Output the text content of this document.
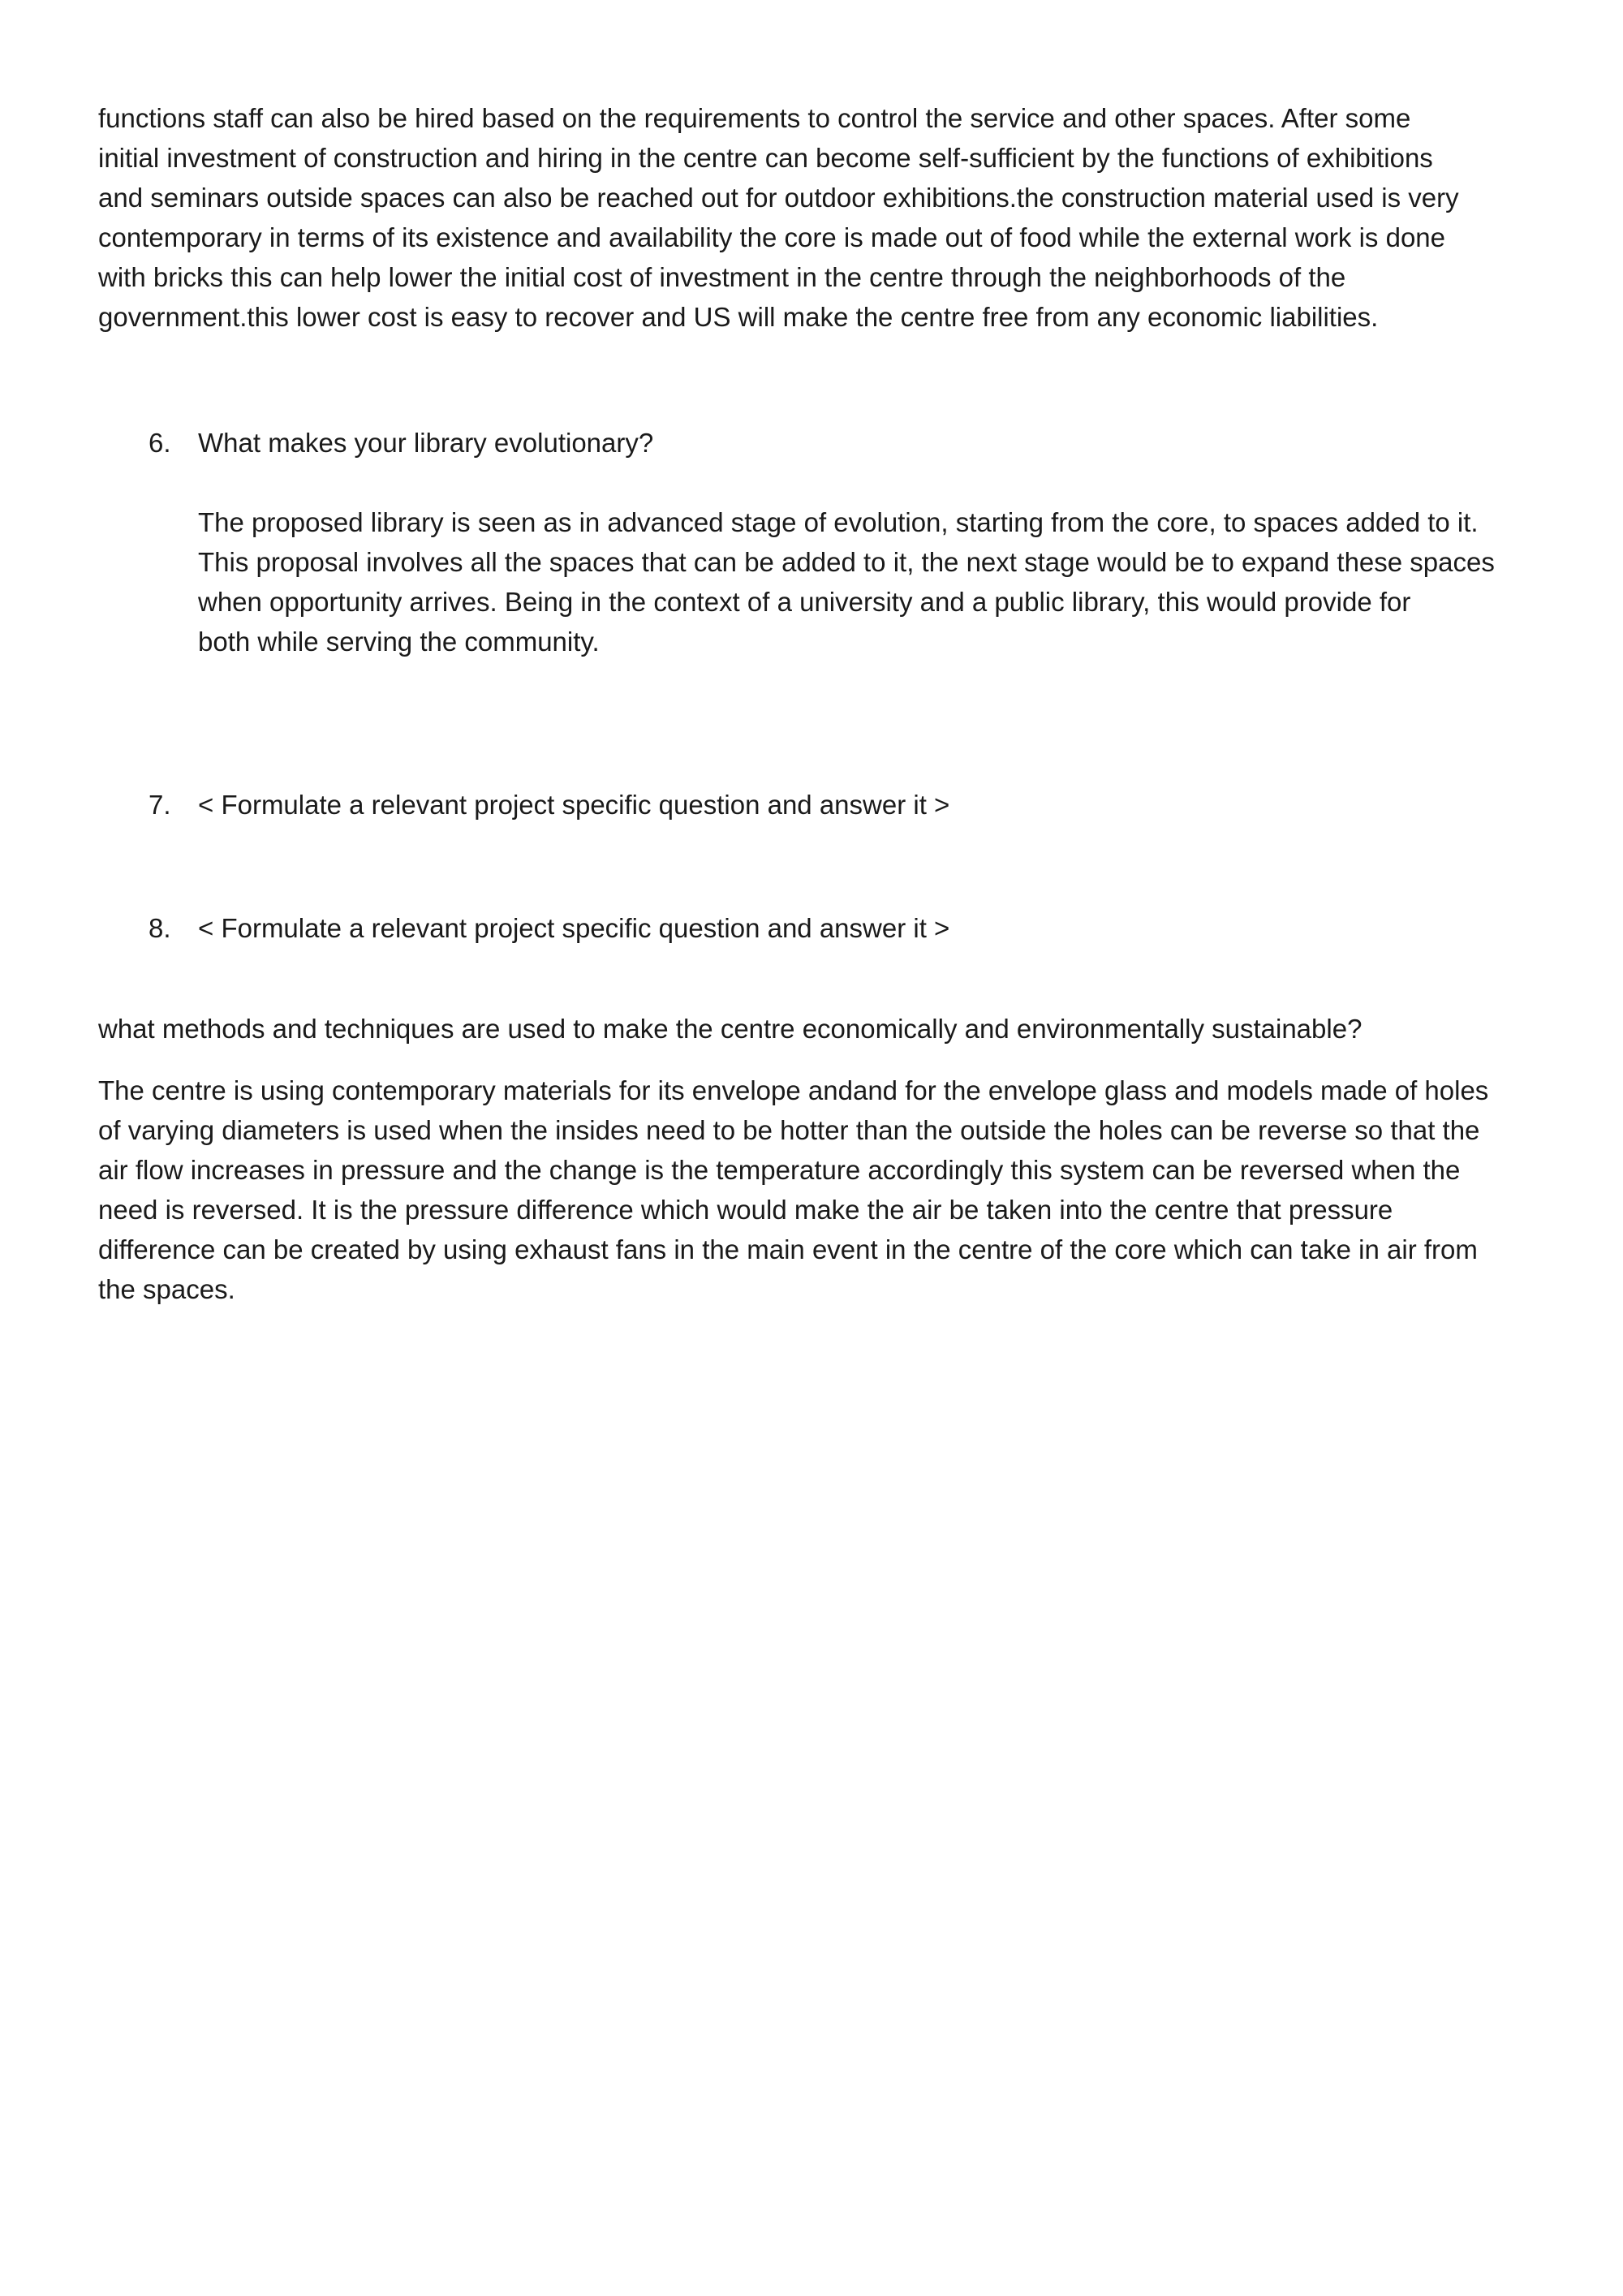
functions staff can also be hired based on the requirements to control the service and other spaces. After some
initial investment of construction and hiring in the centre can become self-sufficient by the functions of exhibitions
and seminars outside spaces can also be reached out for outdoor exhibitions.the construction material used is very
contemporary in terms of its existence and availability the core is made out of food while the external work is done
with bricks this can help lower the initial cost of investment in the centre through the neighborhoods of the
government.this lower cost is easy to recover and US will make the centre free from any economic liabilities.
6.	What makes your library evolutionary?
The proposed library is seen as in advanced stage of evolution, starting from the core, to spaces added to it.
This proposal involves all the spaces that can be added to it, the next stage would be to expand these spaces
when opportunity arrives. Being in the context of a university and a public library, this would provide for
both while serving the community.
7.	< Formulate a relevant project specific question and answer it >
8.	< Formulate a relevant project specific question and answer it >
what methods and techniques are used to make the centre economically and environmentally sustainable?
The centre is using contemporary materials for its envelope andand for the envelope glass and models made of holes
of varying diameters is used when the insides need to be hotter than the outside the holes can be reverse so that the
air flow increases in pressure and the change is the temperature accordingly this system can be reversed when the
need is reversed. It is the pressure difference which would make the air be taken into the centre that pressure
difference can be created by using exhaust fans in the main event in the centre of the core which can take in air from
the spaces.
